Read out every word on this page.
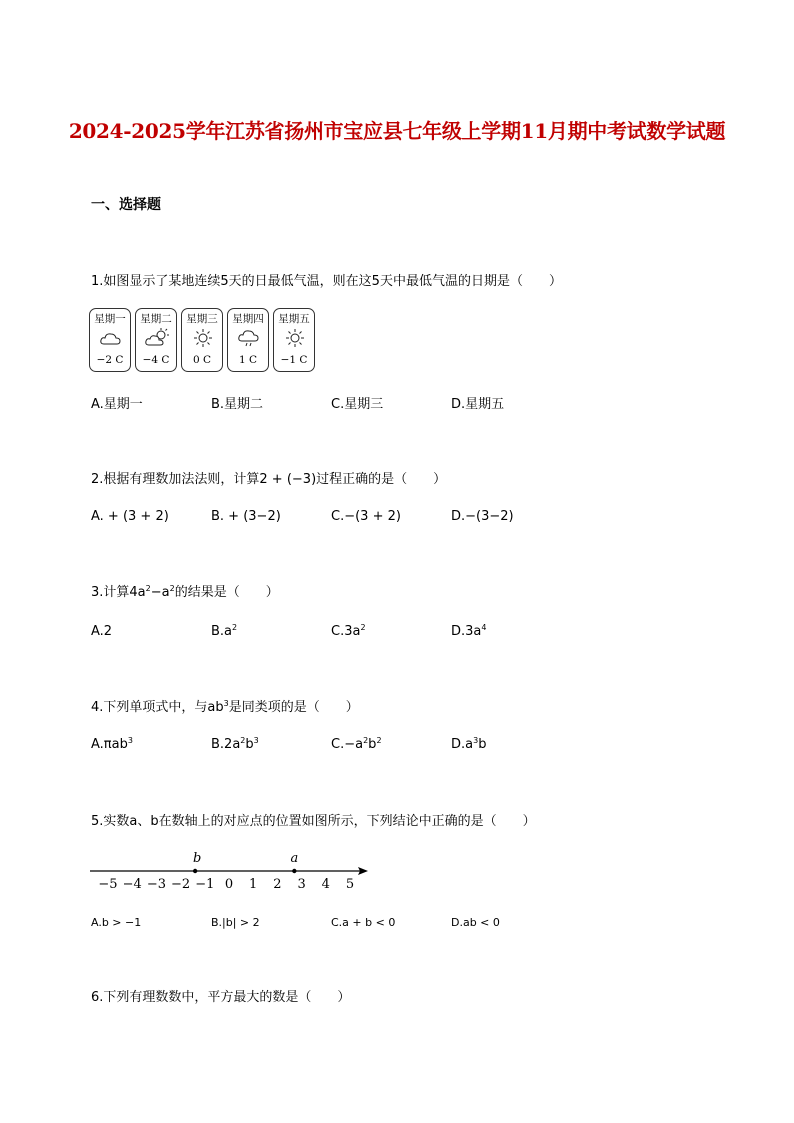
2024-2025学年江苏省扬州市宝应县七年级上学期11月期中考试数学试题
一、选择题
1.如图显示了某地连续5天的日最低气温，则在这5天中最低气温的日期是（ ）
星期一
−2 C
星期二
−4 C
星期三
0 C
星期四
1 C
星期五
−1 C
A.星期一	B.星期二	C.星期三	D.星期五
2.根据有理数加法法则，计算2 + (−3)过程正确的是（ ）
A. + (3 + 2)	B. + (3−2)	C.−(3 + 2)	D.−(3−2)
3.计算$4a^2-a^2$的结果是（ ）
A.2	$B.a^2$	$C.3a^2$	$D.3a^4$
4.下列单项式中，与$ab^3$是同类项的是（ ）
A.πab$^3$	$B.2a^2b^3$	$C.-a^2b^2$	$D.a^3b$
5.实数a、b在数轴上的对应点的位置如图所示，下列结论中正确的是（ ）
−5 −4 −3 −2 −1 0 1 2 3 4 5
b	a
A.b > −1	B.|b| > 2	C.a + b < 0	D.ab < 0
6.下列有理数数中，平方最大的数是（ ）
